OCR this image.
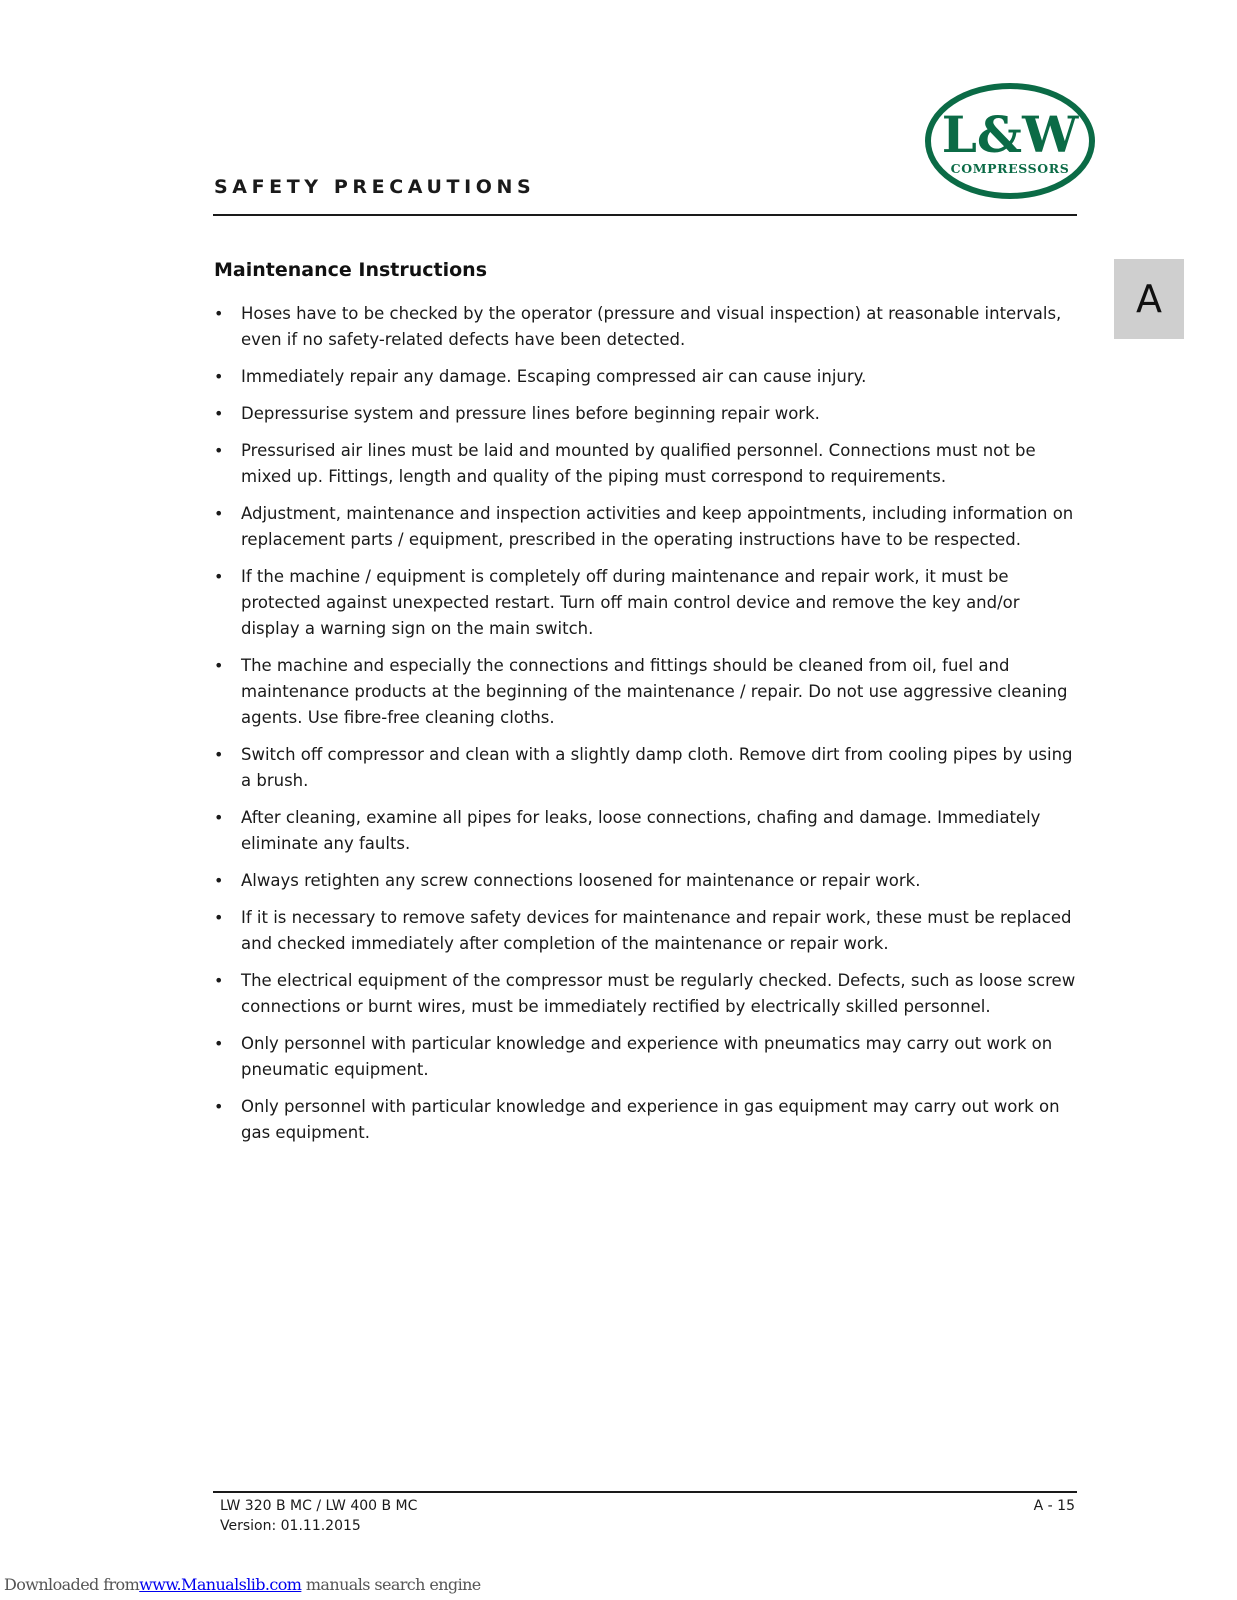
L&W
COMPRESSORS
SAFETY PRECAUTIONS
A
Maintenance Instructions
• Hoses have to be checked by the operator (pressure and visual inspection) at reasonable intervals, even if no safety-related defects have been detected.
• Immediately repair any damage. Escaping compressed air can cause injury.
• Depressurise system and pressure lines before beginning repair work.
• Pressurised air lines must be laid and mounted by qualified personnel. Connections must not be mixed up. Fittings, length and quality of the piping must correspond to requirements.
• Adjustment, maintenance and inspection activities and keep appointments, including information on replacement parts / equipment, prescribed in the operating instructions have to be respected.
• If the machine / equipment is completely off during maintenance and repair work, it must be protected against unexpected restart. Turn off main control device and remove the key and/or display a warning sign on the main switch.
• The machine and especially the connections and fittings should be cleaned from oil, fuel and maintenance products at the beginning of the maintenance / repair. Do not use aggressive cleaning agents. Use fibre-free cleaning cloths.
• Switch off compressor and clean with a slightly damp cloth. Remove dirt from cooling pipes by using a brush.
• After cleaning, examine all pipes for leaks, loose connections, chafing and damage. Immediately eliminate any faults.
• Always retighten any screw connections loosened for maintenance or repair work.
• If it is necessary to remove safety devices for maintenance and repair work, these must be replaced and checked immediately after completion of the maintenance or repair work.
• The electrical equipment of the compressor must be regularly checked. Defects, such as loose screw connections or burnt wires, must be immediately rectified by electrically skilled personnel.
• Only personnel with particular knowledge and experience with pneumatics may carry out work on pneumatic equipment.
• Only personnel with particular knowledge and experience in gas equipment may carry out work on gas equipment.
LW 320 B MC / LW 400 B MC
Version: 01.11.2015
A - 15
Downloaded fromwww.Manualslib.com manuals search engine
